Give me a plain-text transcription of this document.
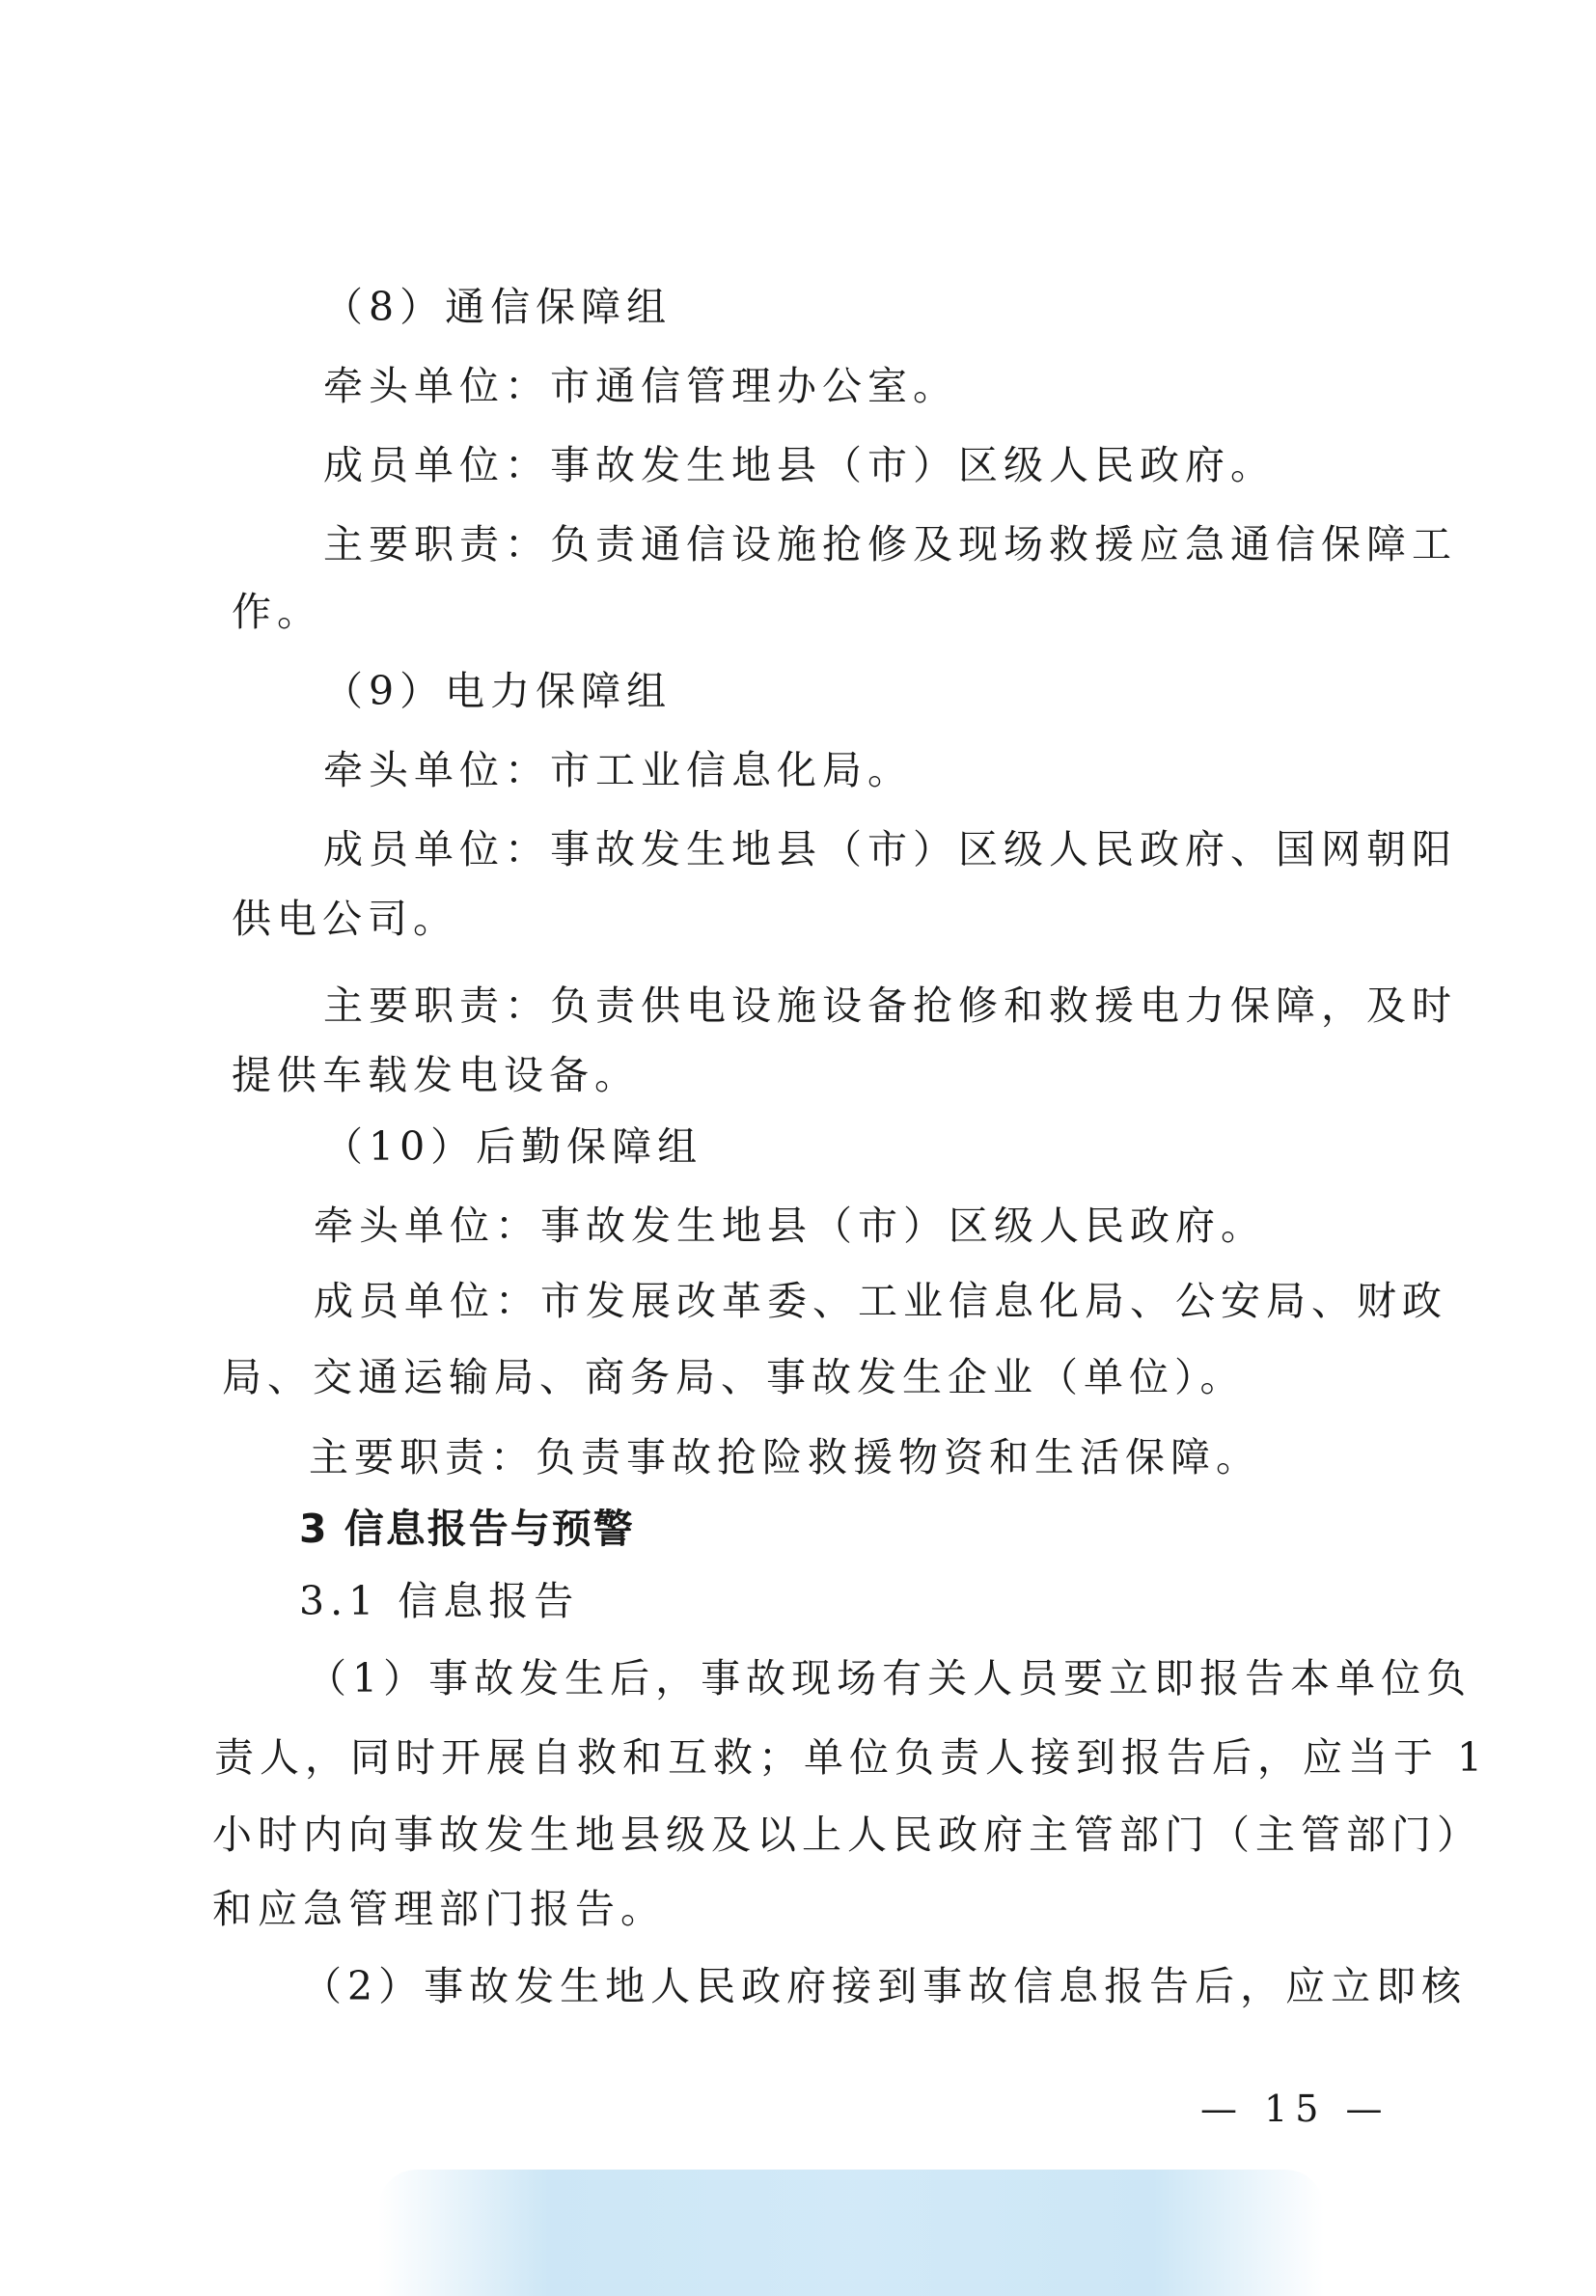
（8）通信保障组
牵头单位：市通信管理办公室。
成员单位：事故发生地县（市）区级人民政府。
主要职责：负责通信设施抢修及现场救援应急通信保障工
作。
（9）电力保障组
牵头单位：市工业信息化局。
成员单位：事故发生地县（市）区级人民政府、国网朝阳
供电公司。
主要职责：负责供电设施设备抢修和救援电力保障，及时
提供车载发电设备。
（10）后勤保障组
牵头单位：事故发生地县（市）区级人民政府。
成员单位：市发展改革委、工业信息化局、公安局、财政
局、交通运输局、商务局、事故发生企业（单位）。
主要职责：负责事故抢险救援物资和生活保障。
3 信息报告与预警
3.1 信息报告
（1）事故发生后，事故现场有关人员要立即报告本单位负
责人，同时开展自救和互救；单位负责人接到报告后，应当于 1
小时内向事故发生地县级及以上人民政府主管部门（主管部门）
和应急管理部门报告。
（2）事故发生地人民政府接到事故信息报告后，应立即核
— 15 —
